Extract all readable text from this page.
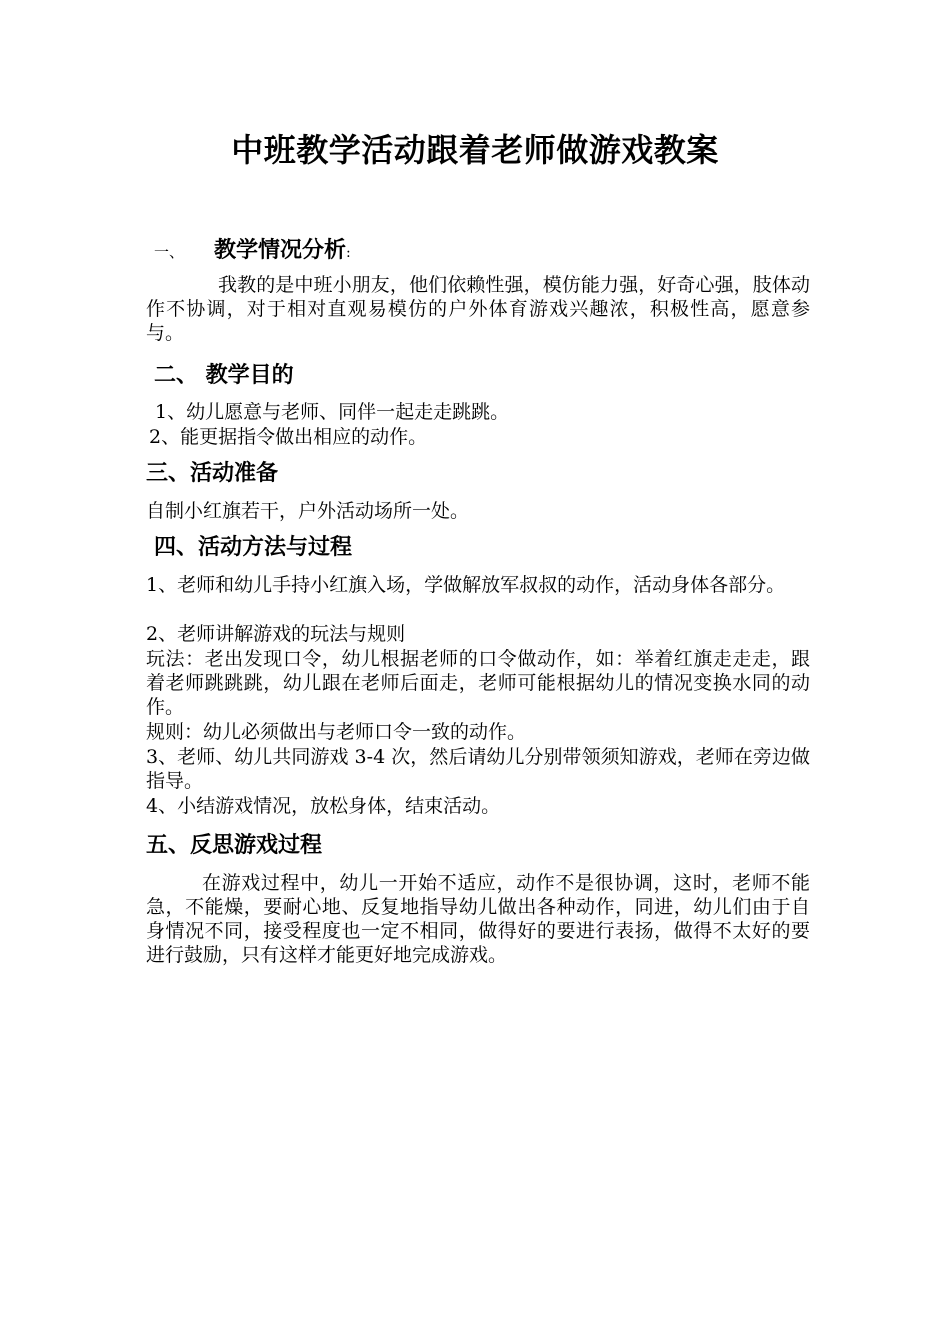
中班教学活动跟着老师做游戏教案
一、 教学情况分析:
我教的是中班小朋友，他们依赖性强，模仿能力强，好奇心强，肢体动作不协调，对于相对直观易模仿的户外体育游戏兴趣浓，积极性高，愿意参与。
二、 教学目的
1、幼儿愿意与老师、同伴一起走走跳跳。
2、能更据指令做出相应的动作。
三、活动准备
自制小红旗若干，户外活动场所一处。
四、活动方法与过程
1、老师和幼儿手持小红旗入场，学做解放军叔叔的动作，活动身体各部分。
2、老师讲解游戏的玩法与规则
玩法：老出发现口令，幼儿根据老师的口令做动作，如：举着红旗走走走，跟着老师跳跳跳，幼儿跟在老师后面走，老师可能根据幼儿的情况变换水同的动作。
规则：幼儿必须做出与老师口令一致的动作。
3、老师、幼儿共同游戏 3-4 次，然后请幼儿分别带领须知游戏，老师在旁边做指导。
4、小结游戏情况，放松身体，结束活动。
五、反思游戏过程
在游戏过程中，幼儿一开始不适应，动作不是很协调，这时，老师不能急，不能燥，要耐心地、反复地指导幼儿做出各种动作，同进，幼儿们由于自身情况不同，接受程度也一定不相同，做得好的要进行表扬，做得不太好的要进行鼓励，只有这样才能更好地完成游戏。
